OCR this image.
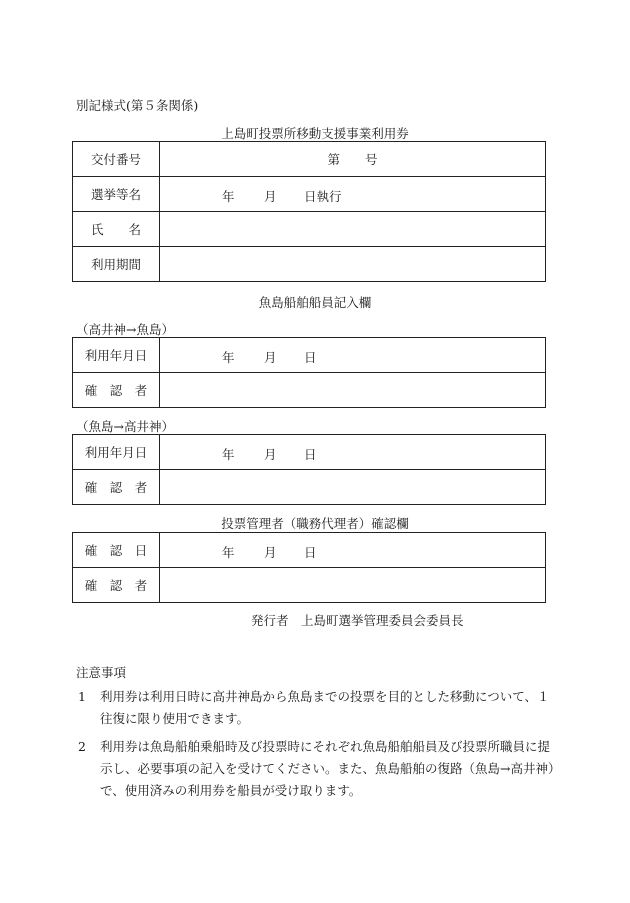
別記様式(第５条関係)
上島町投票所移動支援事業利用券
交付番号	第　　号
選挙等名	年 月 日執行

氏　　名	
利用期間	
魚島船舶船員記入欄
（高井神→魚島）
利用年月日	年 月 日

確　認　者	
（魚島→高井神）
利用年月日	年 月 日

確　認　者	
投票管理者（職務代理者）確認欄
確　認　日	年 月 日

確　認　者	
発行者　上島町選挙管理委員会委員長
注意事項
1 利用券は利用日時に高井神島から魚島までの投票を目的とした移動について、１往復に限り使用できます。
2 利用券は魚島船舶乗船時及び投票時にそれぞれ魚島船舶船員及び投票所職員に提示し、必要事項の記入を受けてください。また、魚島船舶の復路（魚島→高井神）で、使用済みの利用券を船員が受け取ります。
